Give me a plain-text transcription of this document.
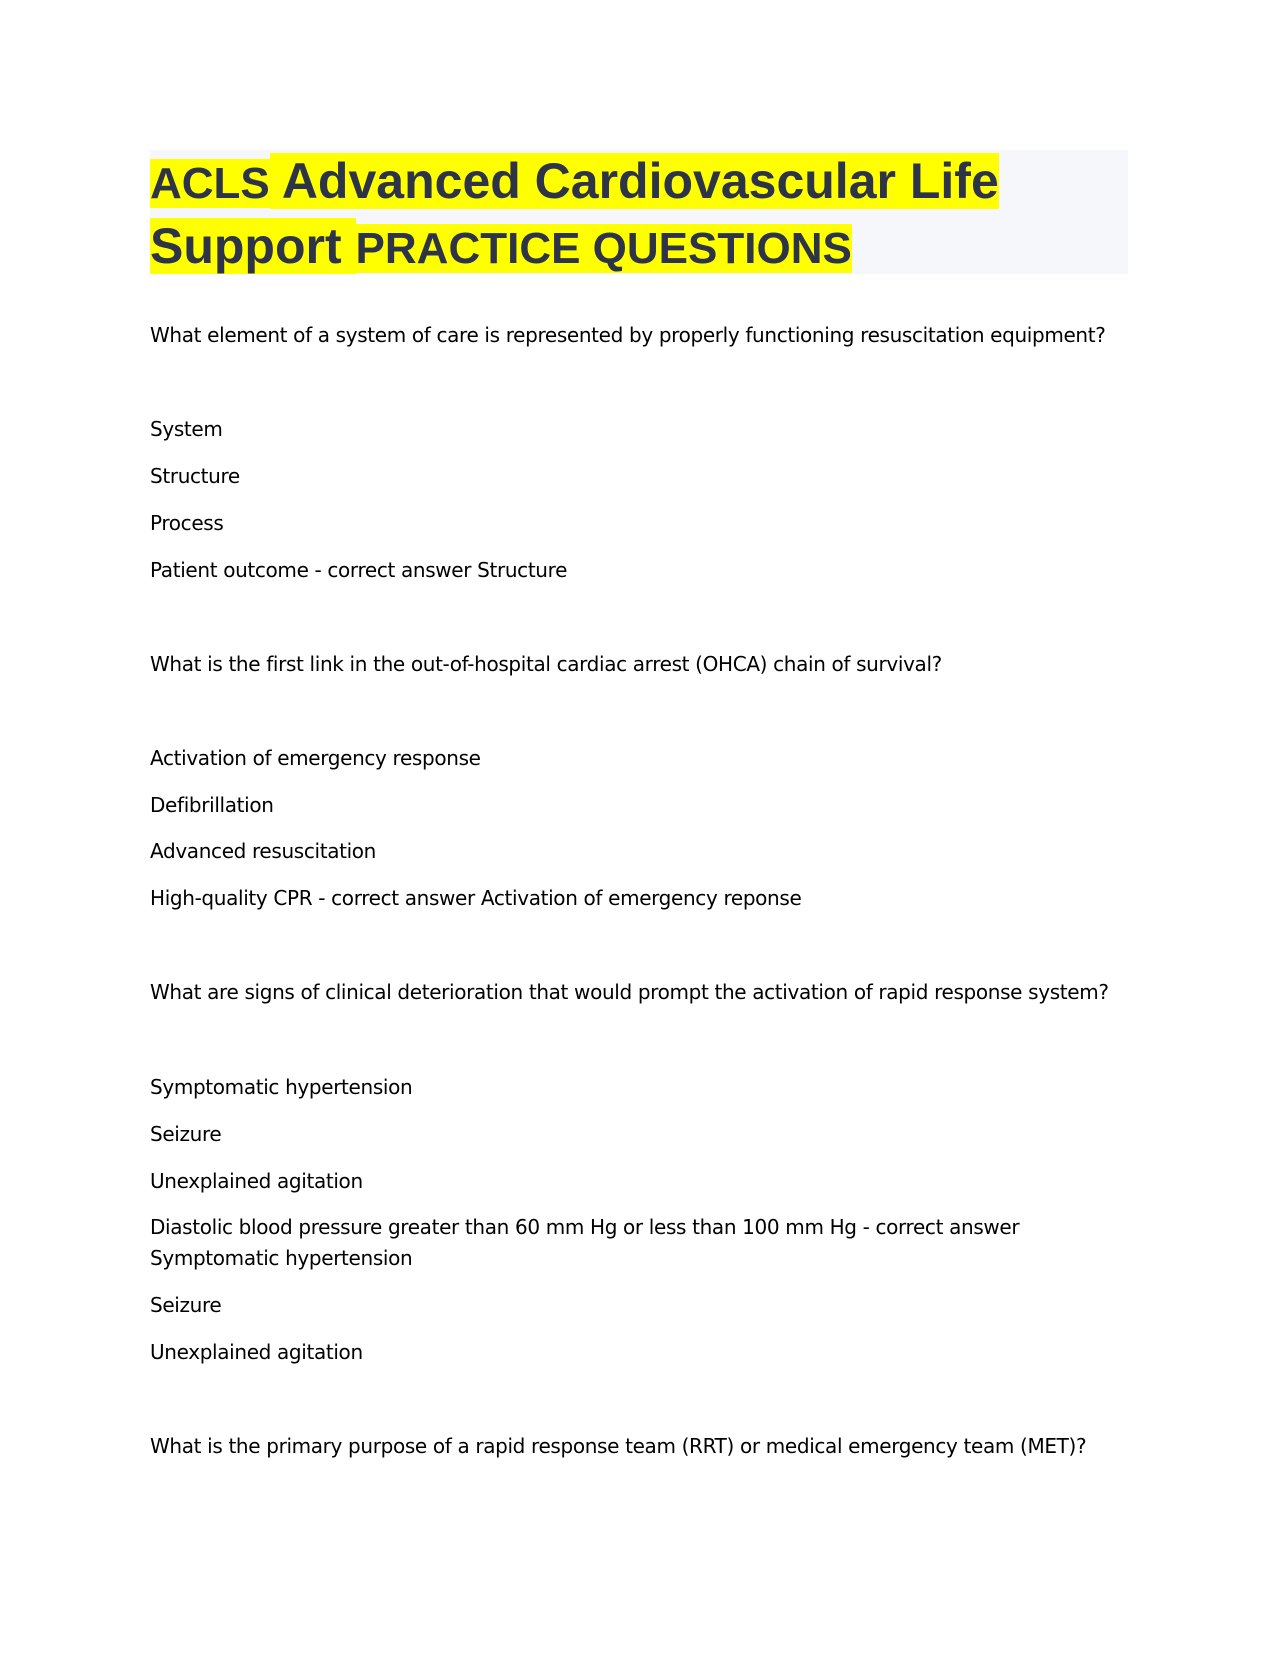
ACLS Advanced Cardiovascular Life
Support PRACTICE QUESTIONS
What element of a system of care is represented by properly functioning resuscitation equipment?
System
Structure
Process
Patient outcome - correct answer Structure
What is the first link in the out-of-hospital cardiac arrest (OHCA) chain of survival?
Activation of emergency response
Defibrillation
Advanced resuscitation
High-quality CPR - correct answer Activation of emergency reponse
What are signs of clinical deterioration that would prompt the activation of rapid response system?
Symptomatic hypertension
Seizure
Unexplained agitation
Diastolic blood pressure greater than 60 mm Hg or less than 100 mm Hg - correct answer Symptomatic hypertension
Seizure
Unexplained agitation
What is the primary purpose of a rapid response team (RRT) or medical emergency team (MET)?
